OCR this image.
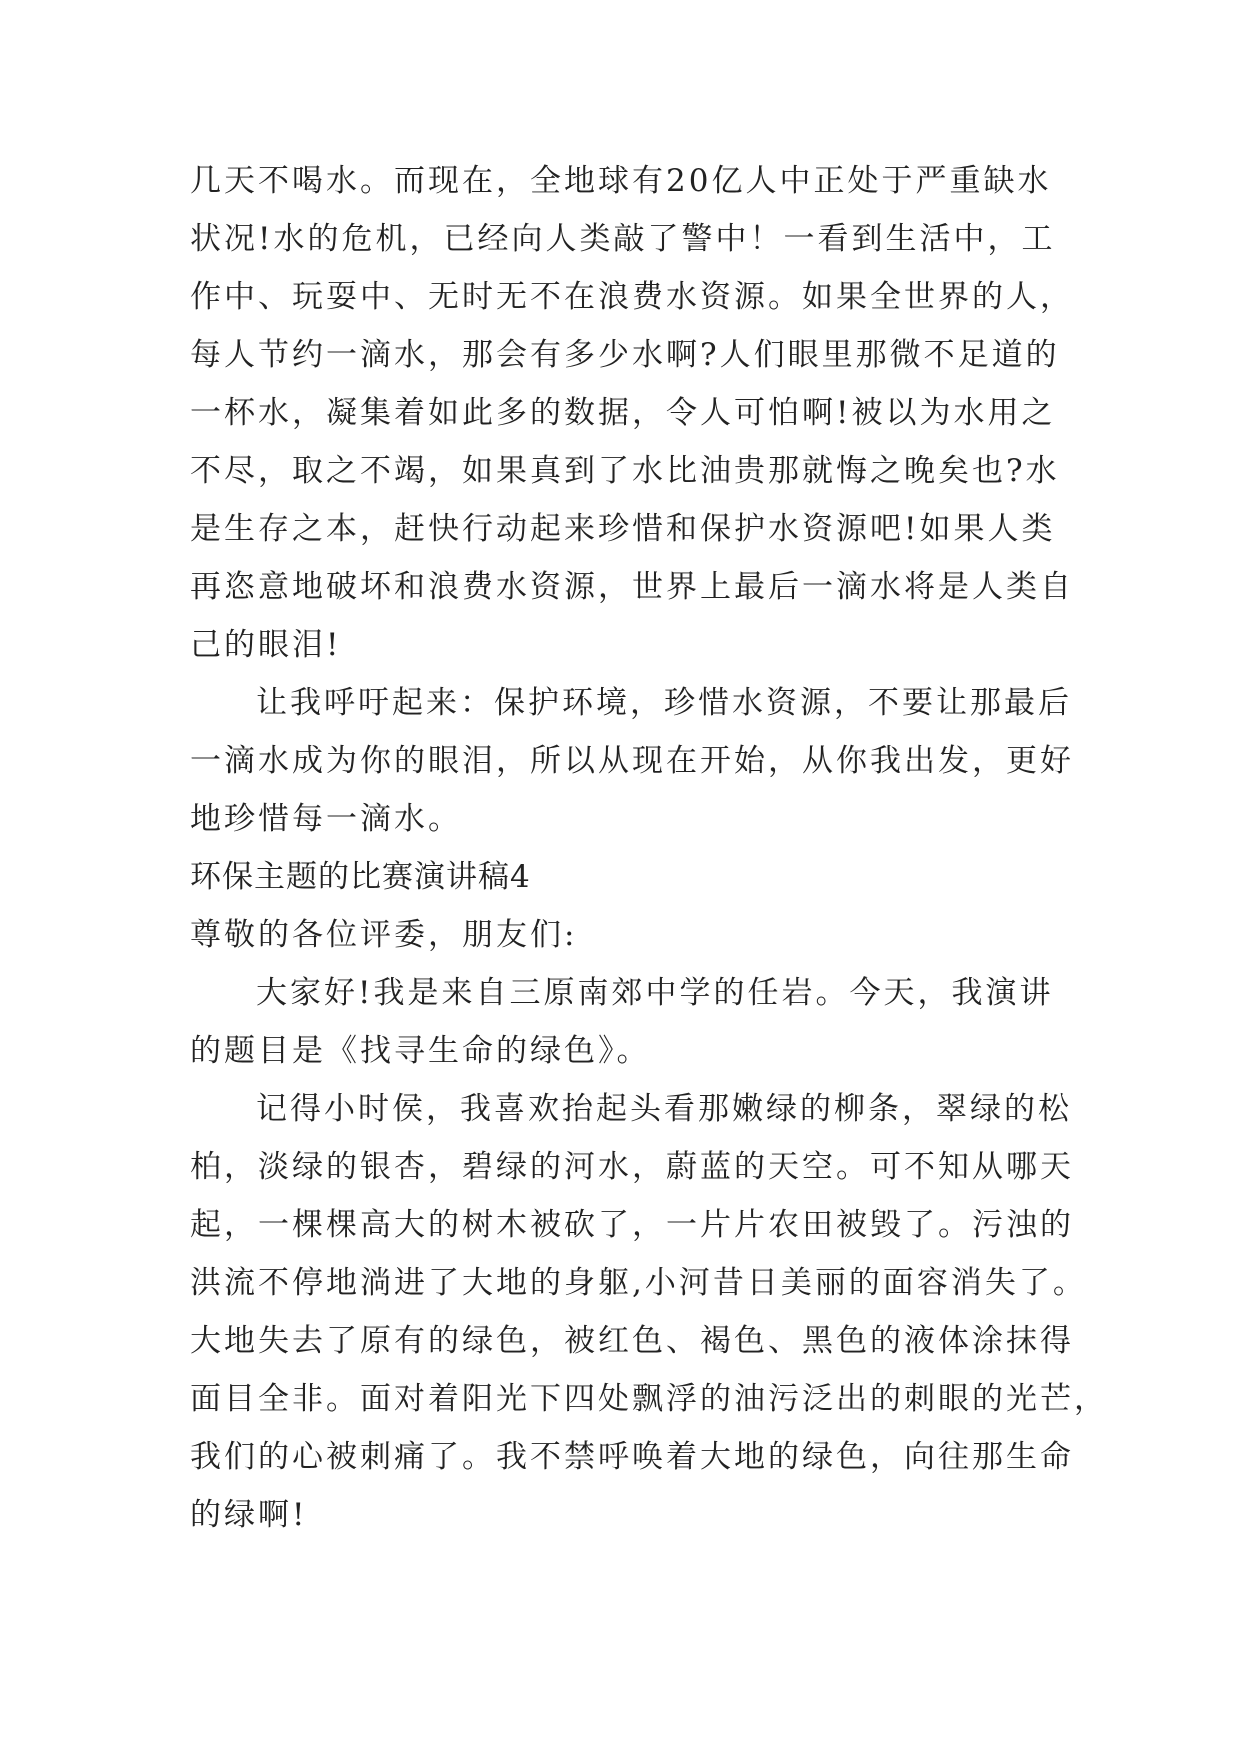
几天不喝水。而现在，全地球有20亿人中正处于严重缺水

状况!水的危机，已经向人类敲了警中！一看到生活中，工

作中、玩耍中、无时无不在浪费水资源。如果全世界的人，

每人节约一滴水，那会有多少水啊?人们眼里那微不足道的

一杯水，凝集着如此多的数据，令人可怕啊!被以为水用之

不尽，取之不竭，如果真到了水比油贵那就悔之晚矣也?水

是生存之本，赶快行动起来珍惜和保护水资源吧!如果人类

再恣意地破坏和浪费水资源，世界上最后一滴水将是人类自

己的眼泪!

让我呼吁起来：保护环境，珍惜水资源，不要让那最后

一滴水成为你的眼泪，所以从现在开始，从你我出发，更好

地珍惜每一滴水。

环保主题的比赛演讲稿4

尊敬的各位评委，朋友们:

大家好!我是来自三原南郊中学的任岩。今天，我演讲

的题目是《找寻生命的绿色》。

记得小时侯，我喜欢抬起头看那嫩绿的柳条，翠绿的松

柏，淡绿的银杏，碧绿的河水，蔚蓝的天空。可不知从哪天

起，一棵棵高大的树木被砍了，一片片农田被毁了。污浊的

洪流不停地淌进了大地的身躯,小河昔日美丽的面容消失了。

大地失去了原有的绿色，被红色、褐色、黑色的液体涂抹得

面目全非。面对着阳光下四处飘浮的油污泛出的刺眼的光芒，

我们的心被刺痛了。我不禁呼唤着大地的绿色，向往那生命

的绿啊!
